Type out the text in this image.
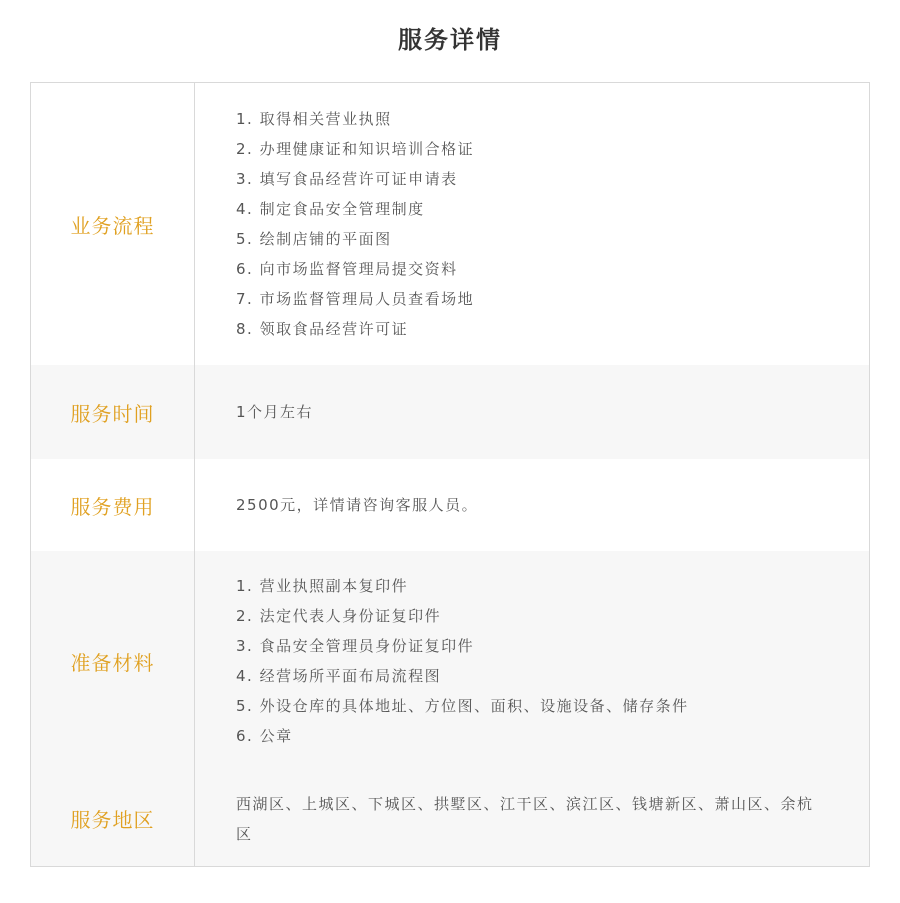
服务详情
业务流程
1. 取得相关营业执照
2. 办理健康证和知识培训合格证
3. 填写食品经营许可证申请表
4. 制定食品安全管理制度
5. 绘制店铺的平面图
6. 向市场监督管理局提交资料
7. 市场监督管理局人员查看场地
8. 领取食品经营许可证
服务时间	1个月左右
服务费用	2500元，详情请咨询客服人员。
准备材料
1. 营业执照副本复印件
2. 法定代表人身份证复印件
3. 食品安全管理员身份证复印件
4. 经营场所平面布局流程图
5. 外设仓库的具体地址、方位图、面积、设施设备、储存条件
6. 公章
服务地区
西湖区、上城区、下城区、拱墅区、江干区、滨江区、钱塘新区、萧山区、余杭区
